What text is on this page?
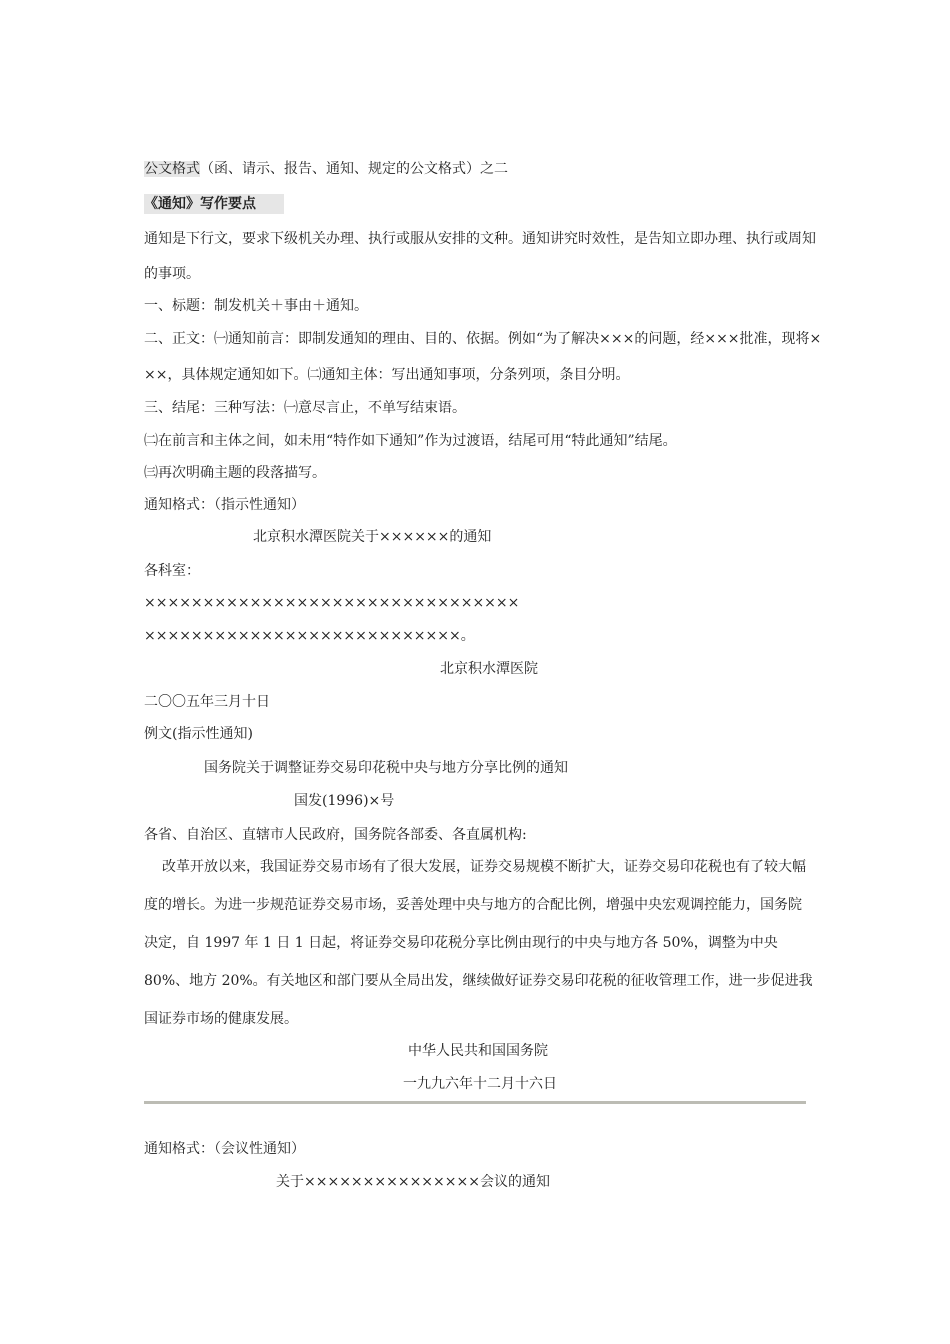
公文格式（函、请示、报告、通知、规定的公文格式）之二
《通知》写作要点
通知是下行文，要求下级机关办理、执行或服从安排的文种。通知讲究时效性，是告知立即办理、执行或周知
的事项。
一、标题：制发机关＋事由＋通知。
二、正文：㈠通知前言：即制发通知的理由、目的、依据。例如“为了解决×××的问题，经×××批准，现将×
××，具体规定通知如下。㈡通知主体：写出通知事项，分条列项，条目分明。
三、结尾：三种写法：㈠意尽言止，不单写结束语。
㈡在前言和主体之间，如未用“特作如下通知”作为过渡语，结尾可用“特此通知”结尾。
㈢再次明确主题的段落描写。
通知格式：（指示性通知）
北京积水潭医院关于××××××的通知
各科室：
××××××××××××××××××××××××××××××××
×××××××××××××××××××××××××××。
北京积水潭医院
二〇〇五年三月十日
例文(指示性通知)
国务院关于调整证券交易印花税中央与地方分享比例的通知
国发(1996)×号
各省、自治区、直辖市人民政府，国务院各部委、各直属机构:
改革开放以来，我国证券交易市场有了很大发展，证券交易规模不断扩大，证券交易印花税也有了较大幅
度的增长。为进一步规范证券交易市场，妥善处理中央与地方的合配比例，增强中央宏观调控能力，国务院
决定，自 1997 年 1 日 1 日起，将证券交易印花税分享比例由现行的中央与地方各 50%，调整为中央
80%、地方 20%。有关地区和部门要从全局出发，继续做好证券交易印花税的征收管理工作，进一步促进我
国证券市场的健康发展。
中华人民共和国国务院
一九九六年十二月十六日
通知格式：（会议性通知）
关于×××××××××××××××会议的通知
